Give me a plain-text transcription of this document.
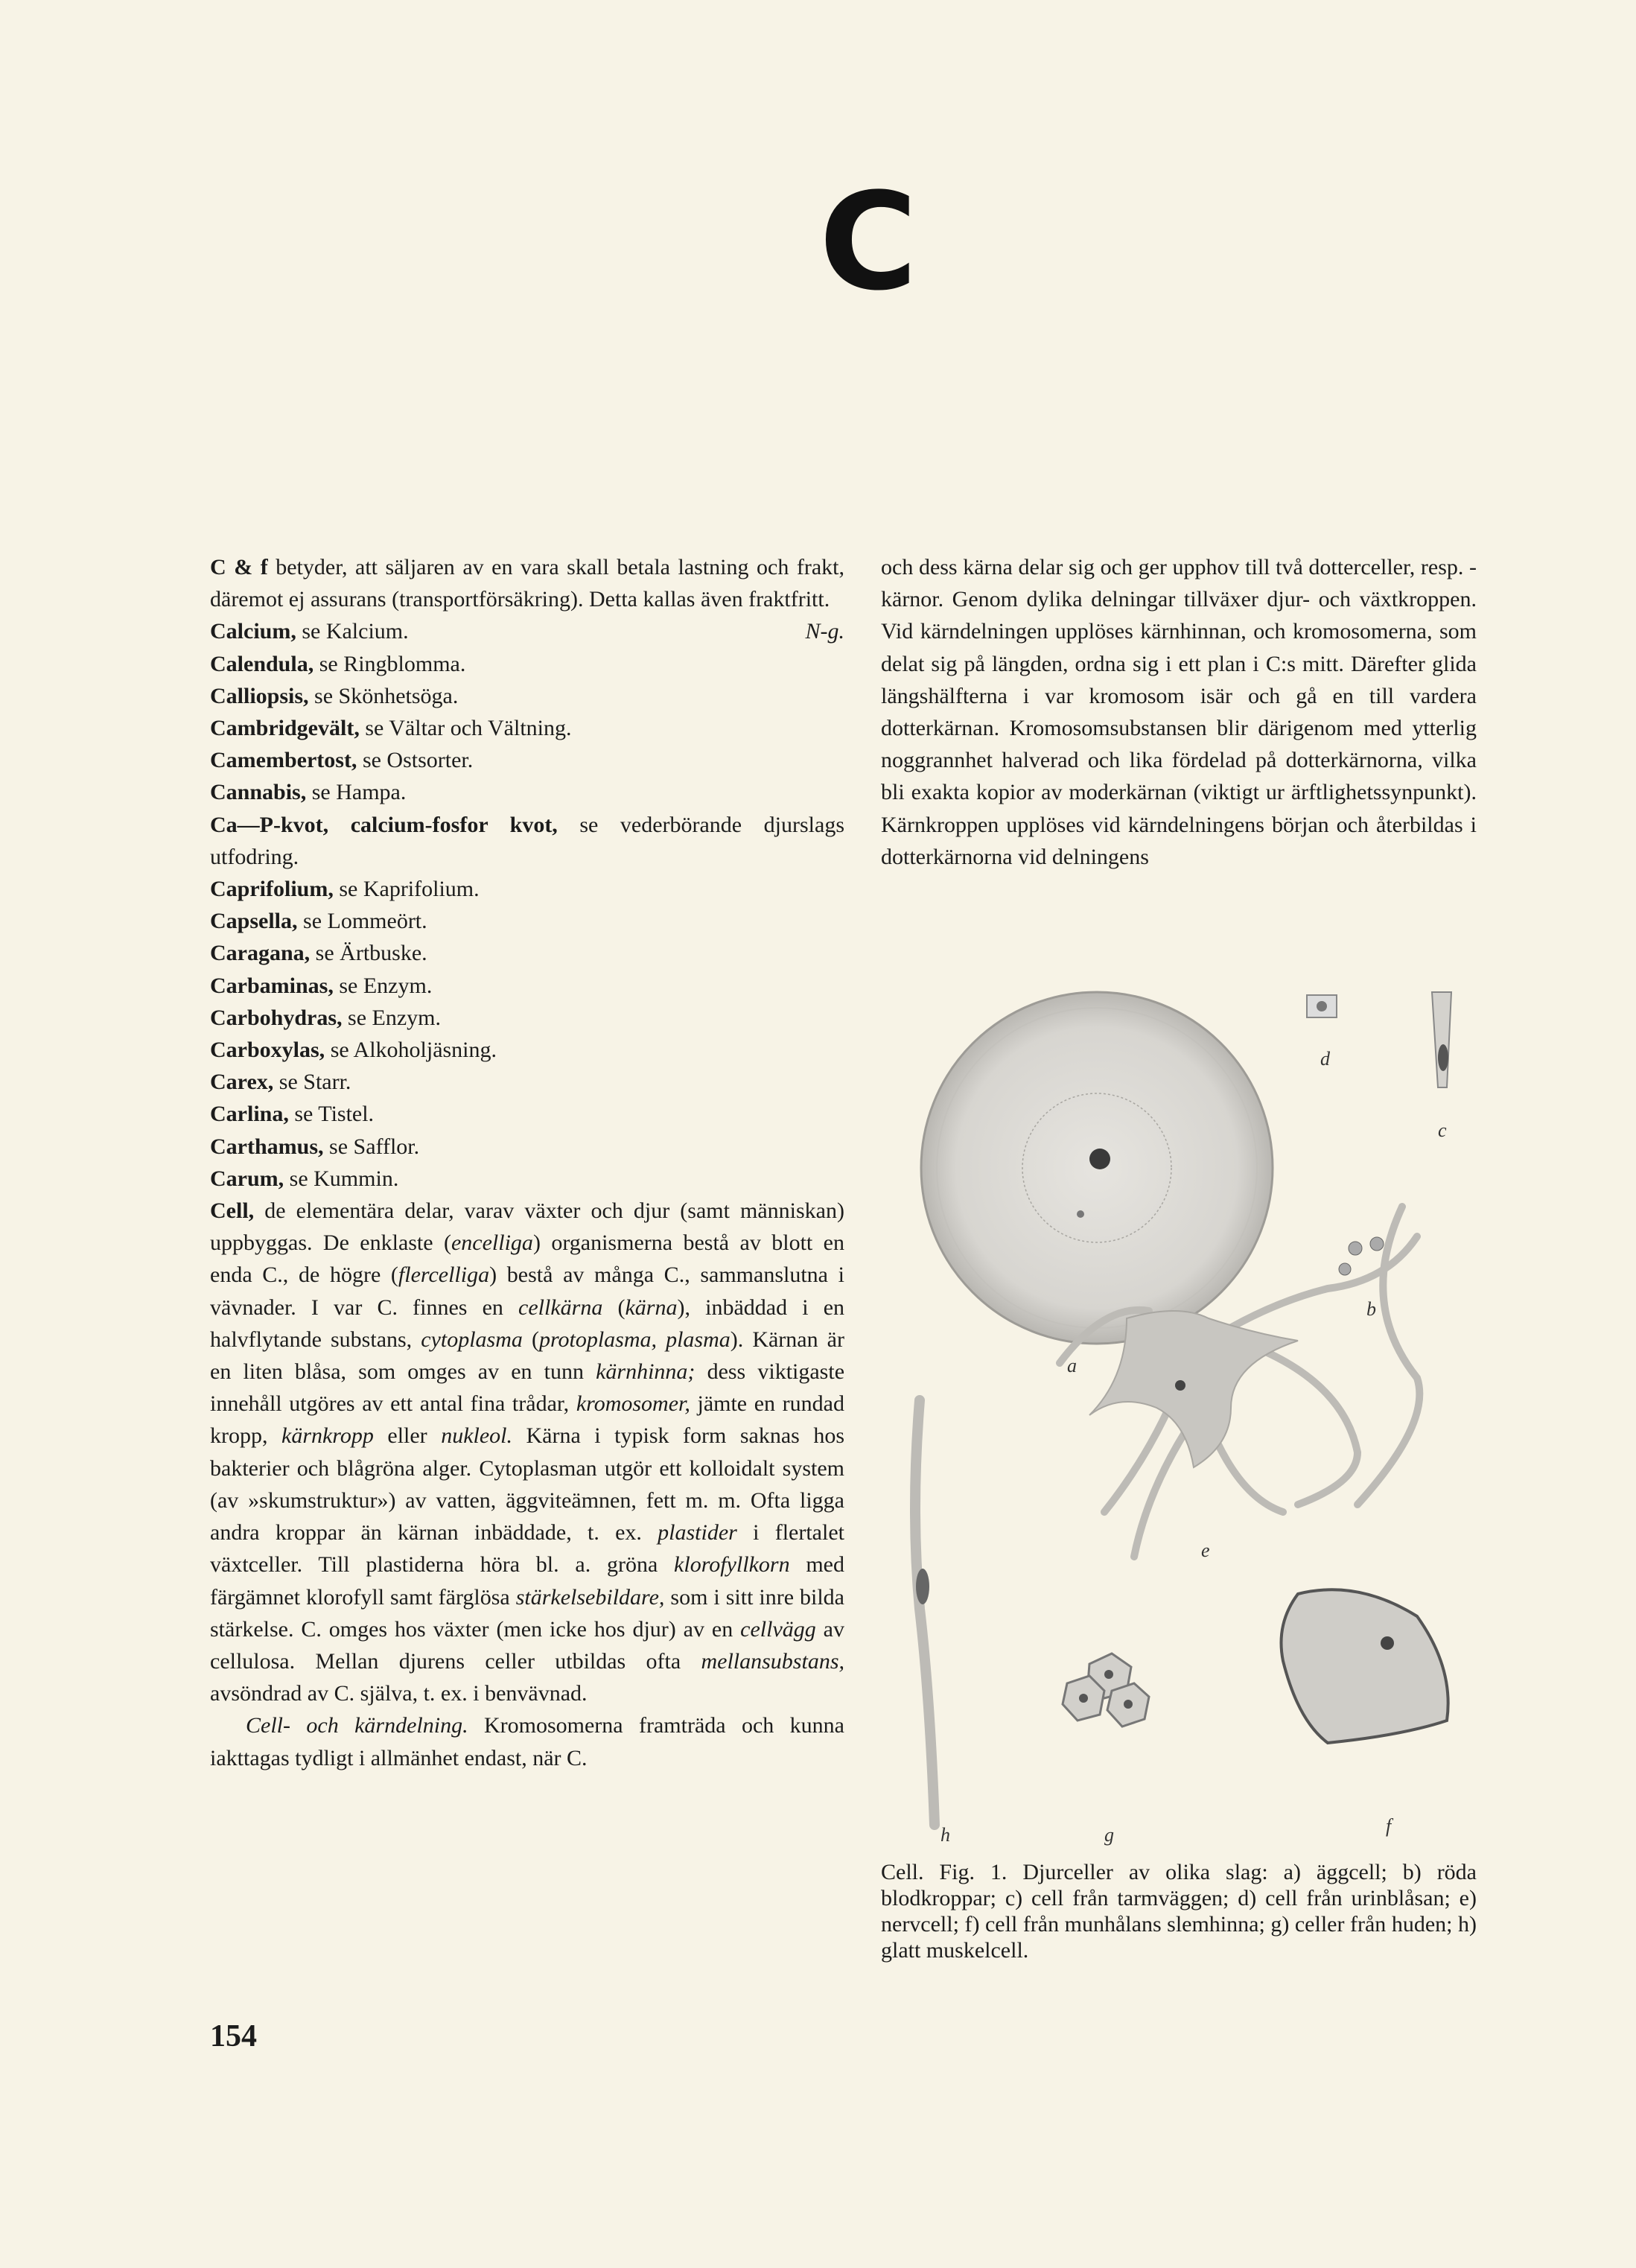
C

C & f betyder, att säljaren av en vara skall betala lastning och frakt, däremot ej assurans (transportförsäkring). Detta kallas även fraktfritt.
N-g.

Calcium, se Kalcium.

Calendula, se Ringblomma.

Calliopsis, se Skönhetsöga.

Cambridgevält, se Vältar och Vältning.

Camembertost, se Ostsorter.

Cannabis, se Hampa.

Ca—P-kvot, calcium-fosfor kvot, se vederbörande djurslags utfodring.

Caprifolium, se Kaprifolium.

Capsella, se Lommeört.

Caragana, se Ärtbuske.

Carbaminas, se Enzym.

Carbohydras, se Enzym.

Carboxylas, se Alkoholjäsning.

Carex, se Starr.

Carlina, se Tistel.

Carthamus, se Safflor.

Carum, se Kummin.

Cell, de elementära delar, varav växter och djur (samt människan) uppbyggas. De enklaste (encelliga) organismerna bestå av blott en enda C., de högre (flercelliga) bestå av många C., sammanslutna i vävnader. I var C. finnes en cellkärna (kärna), inbäddad i en halvflytande substans, cytoplasma (protoplasma, plasma). Kärnan är en liten blåsa, som omges av en tunn kärnhinna; dess viktigaste innehåll utgöres av ett antal fina trådar, kromosomer, jämte en rundad kropp, kärnkropp eller nukleol. Kärna i typisk form saknas hos bakterier och blågröna alger. Cytoplasman utgör ett kolloidalt system (av »skumstruktur») av vatten, äggviteämnen, fett m. m. Ofta ligga andra kroppar än kärnan inbäddade, t. ex. plastider i flertalet växtceller. Till plastiderna höra bl. a. gröna klorofyllkorn med färgämnet klorofyll samt färglösa stärkelsebildare, som i sitt inre bilda stärkelse. C. omges hos växter (men icke hos djur) av en cellvägg av cellulosa. Mellan djurens celler utbildas ofta mellansubstans, avsöndrad av C. själva, t. ex. i benvävnad.

Cell- och kärndelning. Kromosomerna framträda och kunna iakttagas tydligt i allmänhet endast, när C.

och dess kärna delar sig och ger upphov till två dotterceller, resp. -kärnor. Genom dylika delningar tillväxer djur- och växtkroppen. Vid kärndelningen upplöses kärnhinnan, och kromosomerna, som delat sig på längden, ordna sig i ett plan i C:s mitt. Därefter glida längshälfterna i var kromosom isär och gå en till vardera dotterkärnan. Kromosomsubstansen blir därigenom med ytterlig noggrannhet halverad och lika fördelad på dotterkärnorna, vilka bli exakta kopior av moderkärnan (viktigt ur ärftlighetssynpunkt). Kärnkroppen upplöses vid kärndelningens början och återbildas i dotterkärnorna vid delningens

d
c
b
a
e
h	g	f
Cell. Fig. 1. Djurceller av olika slag: a) äggcell; b) röda blodkroppar; c) cell från tarmväggen; d) cell från urinblåsan; e) nervcell; f) cell från munhålans slemhinna; g) celler från huden; h) glatt muskelcell.
154
